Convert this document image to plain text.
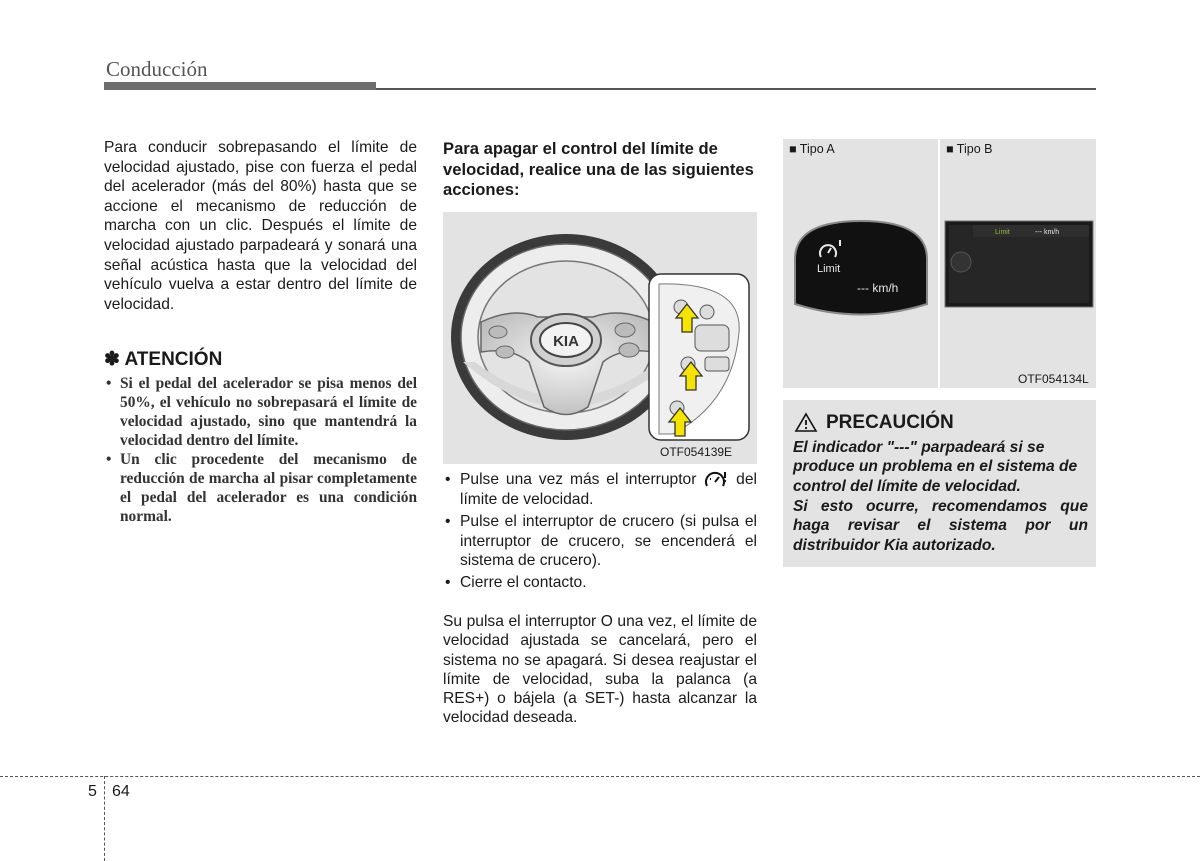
Conducción
Para conducir sobrepasando el límite de velocidad ajustado, pise con fuerza el pedal del acelerador (más del 80%) hasta que se accione el mecanismo de reducción de marcha con un clic. Después el límite de velocidad ajustado parpadeará y sonará una señal acústica hasta que la velocidad del vehículo vuelva a estar dentro del límite de velocidad.
✽ ATENCIÓN
• Si el pedal del acelerador se pisa menos del 50%, el vehículo no sobrepasará el límite de velocidad ajustado, sino que mantendrá la velocidad dentro del límite.
• Un clic procedente del mecanismo de reducción de marcha al pisar completamente el pedal del acelerador es una condición normal.
Para apagar el control del límite de velocidad, realice una de las siguientes acciones:
KIA
OTF054139E
• Pulse una vez más el interruptor	del límite de velocidad.
• Pulse el interruptor de crucero (si pulsa el interruptor de crucero, se encenderá el sistema de crucero).
• Cierre el contacto.
Su pulsa el interruptor O una vez, el límite de velocidad ajustada se cancelará, pero el sistema no se apagará. Si desea reajustar el límite de velocidad, suba la palanca (a RES+) o bájela (a SET-) hasta alcanzar la velocidad deseada.
Limit
--- km/h
Limit	--- km/h
■ Tipo A	■ Tipo B
OTF054134L
PRECAUCIÓN
El indicador "---" parpadeará si se produce un problema en el sistema de control del límite de velocidad.
Si esto ocurre, recomendamos que haga revisar el sistema por un distribuidor Kia autorizado.
5 64
